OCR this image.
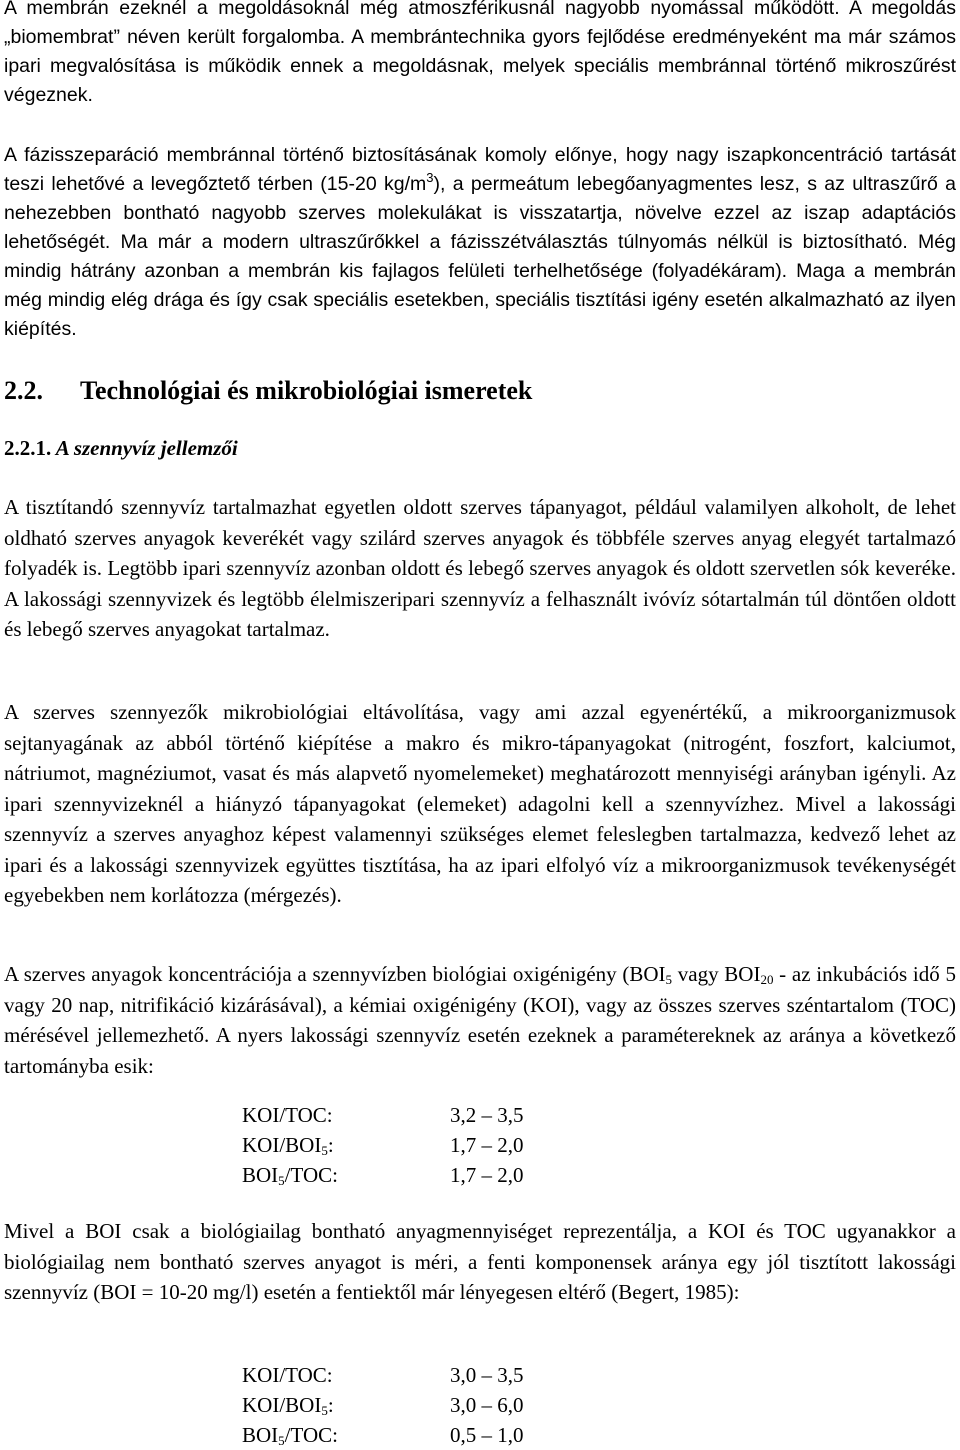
A membrán ezeknél a megoldásoknál még atmoszférikusnál nagyobb nyomással működött. A megoldás „biomembrat” néven került forgalomba. A membrántechnika gyors fejlődése eredményeként ma már számos ipari megvalósítása is működik ennek a megoldásnak, melyek speciális membránnal történő mikroszűrést végeznek.

A fázisszeparáció membránnal történő biztosításának komoly előnye, hogy nagy iszapkoncentráció tartását teszi lehetővé a levegőztető térben (15-20 $kg/m^3$), a permeátum lebegőanyagmentes lesz, s az ultraszűrő a nehezebben bontható nagyobb szerves molekulákat is visszatartja, növelve ezzel az iszap adaptációs lehetőségét. Ma már a modern ultraszűrőkkel a fázisszétválasztás túlnyomás nélkül is biztosítható. Még mindig hátrány azonban a membrán kis fajlagos felületi terhelhetősége (folyadékáram). Maga a membrán még mindig elég drága és így csak speciális esetekben, speciális tisztítási igény esetén alkalmazható az ilyen kiépítés.

2.2. Technológiai és mikrobiológiai ismeretek
2.2.1. A szennyvíz jellemzői

A tisztítandó szennyvíz tartalmazhat egyetlen oldott szerves tápanyagot, például valamilyen alkoholt, de lehet oldható szerves anyagok keverékét vagy szilárd szerves anyagok és többféle szerves anyag elegyét tartalmazó folyadék is. Legtöbb ipari szennyvíz azonban oldott és lebegő szerves anyagok és oldott szervetlen sók keveréke. A lakossági szennyvizek és legtöbb élelmiszeripari szennyvíz a felhasznált ivóvíz sótartalmán túl döntően oldott és lebegő szerves anyagokat tartalmaz.

A szerves szennyezők mikrobiológiai eltávolítása, vagy ami azzal egyenértékű, a mikroorganizmusok sejtanyagának az abból történő kiépítése a makro és mikro-tápanyagokat (nitrogént, foszfort, kalciumot, nátriumot, magnéziumot, vasat és más alapvető nyomelemeket) meghatározott mennyiségi arányban igényli. Az ipari szennyvizeknél a hiányzó tápanyagokat (elemeket) adagolni kell a szennyvízhez. Mivel a lakossági szennyvíz a szerves anyaghoz képest valamennyi szükséges elemet feleslegben tartalmazza, kedvező lehet az ipari és a lakossági szennyvizek együttes tisztítása, ha az ipari elfolyó víz a mikroorganizmusok tevékenységét egyebekben nem korlátozza (mérgezés).

A szerves anyagok koncentrációja a szennyvízben biológiai oxigénigény ($BOI_5$ vagy $BOI_{20}$ - az inkubációs idő 5 vagy 20 nap, nitrifikáció kizárásával), a kémiai oxigénigény (KOI), vagy az összes szerves széntartalom (TOC) mérésével jellemezhető. A nyers lakossági szennyvíz esetén ezeknek a paramétereknek az aránya a következő tartományba esik:

KOI/TOC:	3,2 – 3,5
KOI/$BOI_5$:	1,7 – 2,0
$BOI_5$/TOC:	1,7 – 2,0

Mivel a BOI csak a biológiailag bontható anyagmennyiséget reprezentálja, a KOI és TOC ugyanakkor a biológiailag nem bontható szerves anyagot is méri, a fenti komponensek aránya egy jól tisztított lakossági szennyvíz (BOI = 10-20 mg/l) esetén a fentiektől már lényegesen eltérő (Begert, 1985):

KOI/TOC:	3,0 – 3,5
KOI/$BOI_5$:	3,0 – 6,0
$BOI_5$/TOC:	0,5 – 1,0
